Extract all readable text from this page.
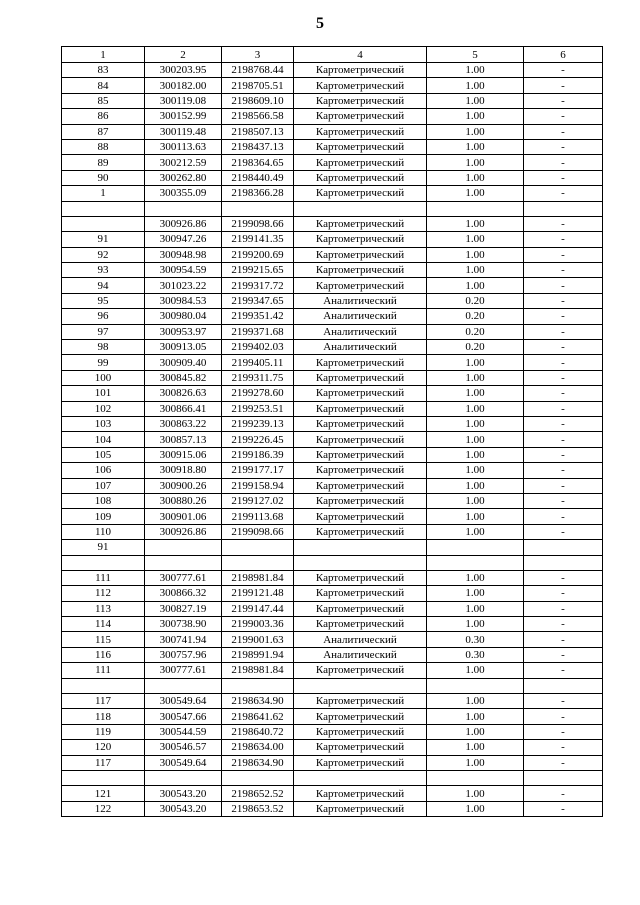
5
1	2	3	4	5	6
83	300203.95	2198768.44	Картометрический	1.00	-
84	300182.00	2198705.51	Картометрический	1.00	-
85	300119.08	2198609.10	Картометрический	1.00	-
86	300152.99	2198566.58	Картометрический	1.00	-
87	300119.48	2198507.13	Картометрический	1.00	-
88	300113.63	2198437.13	Картометрический	1.00	-
89	300212.59	2198364.65	Картометрический	1.00	-
90	300262.80	2198440.49	Картометрический	1.00	-
1	300355.09	2198366.28	Картометрический	1.00	-

	300926.86	2199098.66	Картометрический	1.00	-
91	300947.26	2199141.35	Картометрический	1.00	-
92	300948.98	2199200.69	Картометрический	1.00	-
93	300954.59	2199215.65	Картометрический	1.00	-
94	301023.22	2199317.72	Картометрический	1.00	-
95	300984.53	2199347.65	Аналитический	0.20	-
96	300980.04	2199351.42	Аналитический	0.20	-
97	300953.97	2199371.68	Аналитический	0.20	-
98	300913.05	2199402.03	Аналитический	0.20	-
99	300909.40	2199405.11	Картометрический	1.00	-
100	300845.82	2199311.75	Картометрический	1.00	-
101	300826.63	2199278.60	Картометрический	1.00	-
102	300866.41	2199253.51	Картометрический	1.00	-
103	300863.22	2199239.13	Картометрический	1.00	-
104	300857.13	2199226.45	Картометрический	1.00	-
105	300915.06	2199186.39	Картометрический	1.00	-
106	300918.80	2199177.17	Картометрический	1.00	-
107	300900.26	2199158.94	Картометрический	1.00	-
108	300880.26	2199127.02	Картометрический	1.00	-
109	300901.06	2199113.68	Картометрический	1.00	-
110	300926.86	2199098.66	Картометрический	1.00	-
91					

111	300777.61	2198981.84	Картометрический	1.00	-
112	300866.32	2199121.48	Картометрический	1.00	-
113	300827.19	2199147.44	Картометрический	1.00	-
114	300738.90	2199003.36	Картометрический	1.00	-
115	300741.94	2199001.63	Аналитический	0.30	-
116	300757.96	2198991.94	Аналитический	0.30	-
111	300777.61	2198981.84	Картометрический	1.00	-

117	300549.64	2198634.90	Картометрический	1.00	-
118	300547.66	2198641.62	Картометрический	1.00	-
119	300544.59	2198640.72	Картометрический	1.00	-
120	300546.57	2198634.00	Картометрический	1.00	-
117	300549.64	2198634.90	Картометрический	1.00	-

121	300543.20	2198652.52	Картометрический	1.00	-
122	300543.20	2198653.52	Картометрический	1.00	-
